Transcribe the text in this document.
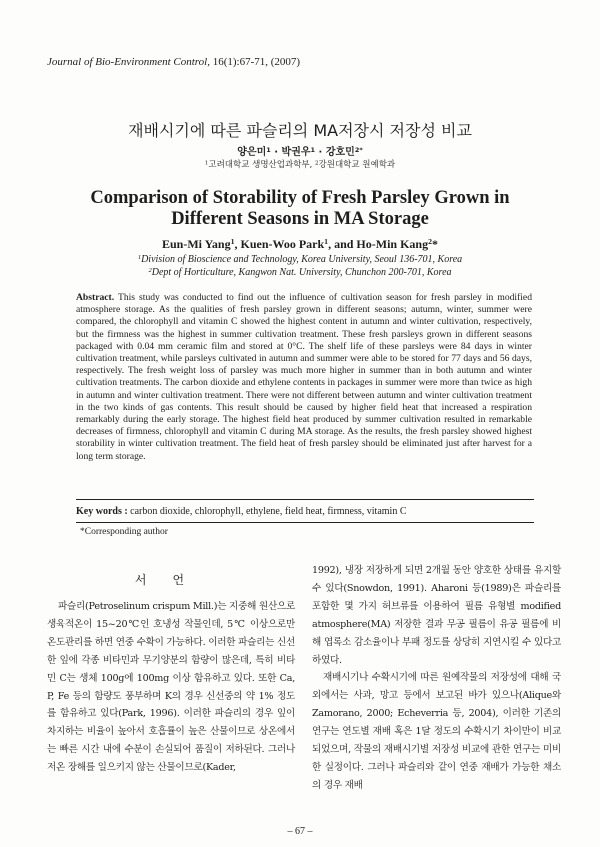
Journal of Bio-Environment Control, 16(1):67-71, (2007)
재배시기에 따른 파슬리의 MA저장시 저장성 비교
양은미$^1$ · 박권우$^1$ · 강호민$^{2*}$
$^1$고려대학교 생명산업과학부, $^2$강원대학교 원예학과
Comparison of Storability of Fresh Parsley Grown in
Different Seasons in MA Storage
Eun-Mi Yang$^1$, Kuen-Woo Park$^1$, and Ho-Min Kang$^2$*
$^1$Division of Bioscience and Technology, Korea University, Seoul 136-701, Korea
$^2$Dept of Horticulture, Kangwon Nat. University, Chunchon 200-701, Korea
Abstract. This study was conducted to find out the influence of cultivation season for fresh parsley in modified atmosphere storage. As the qualities of fresh parsley grown in different seasons; autumn, winter, summer were compared, the chlorophyll and vitamin C showed the highest content in autumn and winter cultivation, respectively, but the firmness was the highest in summer cultivation treatment. These fresh parsleys grown in different seasons packaged with 0.04 mm ceramic film and stored at 0°C. The shelf life of these parsleys were 84 days in winter cultivation treatment, while parsleys cultivated in autumn and summer were able to be stored for 77 days and 56 days, respectively. The fresh weight loss of parsley was much more higher in summer than in both autumn and winter cultivation treatments. The carbon dioxide and ethylene contents in packages in summer were more than twice as high in autumn and winter cultivation treatment. There were not different between autumn and winter cultivation treatment in the two kinds of gas contents. This result should be caused by higher field heat that increased a respiration remarkably during the early storage. The highest field heat produced by summer cultivation resulted in remarkable decreases of firmness, chlorophyll and vitamin C during MA storage. As the results, the fresh parsley showed highest storability in winter cultivation treatment. The field heat of fresh parsley should be eliminated just after harvest for a long term storage.
Key words : carbon dioxide, chlorophyll, ethylene, field heat, firmness, vitamin C
*Corresponding author
서언

파슬리(Petroselinum crispum Mill.)는 지중해 원산으로 생육적온이 15~20℃인 호냉성 작물인데, 5℃ 이상으로만 온도관리를 하면 연중 수확이 가능하다. 이러한 파슬리는 신선한 잎에 각종 비타민과 무기양분의 함량이 많은데, 특히 비타민 C는 생체 100g에 100mg 이상 함유하고 있다. 또한 Ca, P, Fe 등의 함량도 풍부하며 K의 경우 신선중의 약 1% 정도를 함유하고 있다(Park, 1996). 이러한 파슬리의 경우 잎이 차지하는 비율이 높아서 호흡률이 높은 산물이므로 상온에서는 빠른 시간 내에 수분이 손실되어 품질이 저하된다. 그러나 저온 장해를 일으키지 않는 산물이므로(Kader,

1992), 냉장 저장하게 되면 2개월 동안 양호한 상태를 유지할 수 있다(Snowdon, 1991). Aharoni 등(1989)은 파슬리를 포함한 몇 가지 허브류를 이용하여 필름 유형별 modified atmosphere(MA) 저장한 결과 무공 필름이 유공 필름에 비해 엽록소 감소율이나 부패 정도를 상당히 지연시킬 수 있다고 하였다.

재배시기나 수확시기에 따른 원예작물의 저장성에 대해 국외에서는 사과, 망고 등에서 보고된 바가 있으나(Alique와 Zamorano, 2000; Echeverria 등, 2004), 이러한 기존의 연구는 연도별 재배 혹은 1달 정도의 수확시기 차이만이 비교되었으며, 작물의 재배시기별 저장성 비교에 관한 연구는 미비한 실정이다. 그러나 파슬리와 같이 연중 재배가 가능한 채소의 경우 재배

– 67 –
